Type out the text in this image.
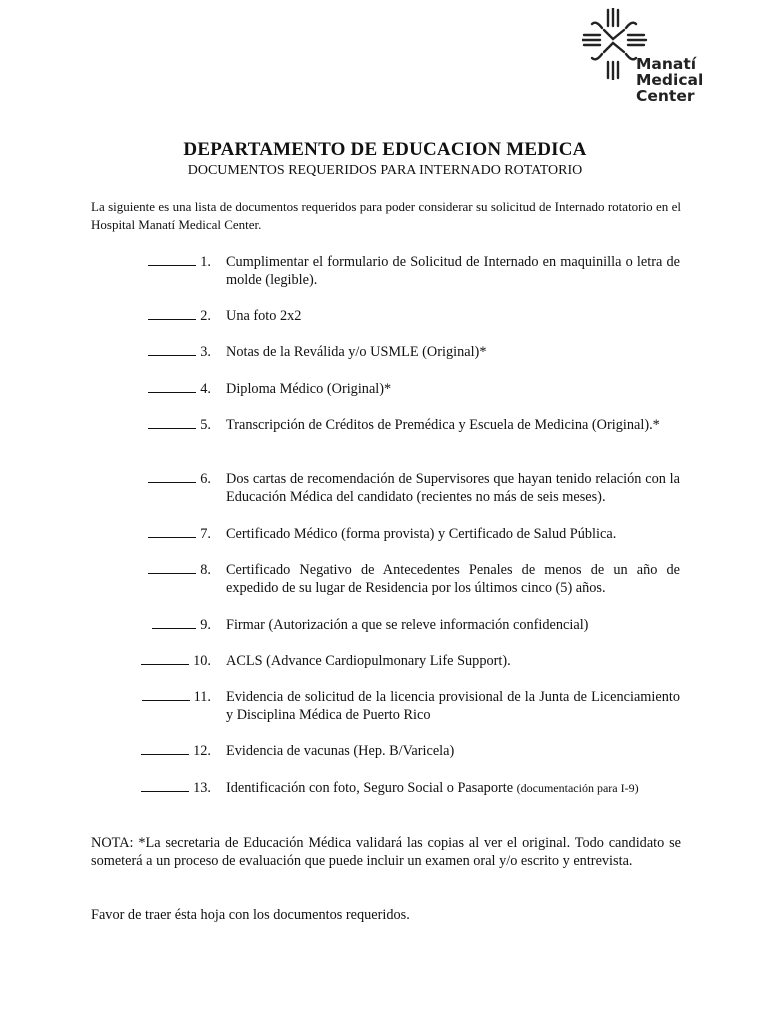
Manatí
Medical
Center
DEPARTAMENTO DE EDUCACION MEDICA
DOCUMENTOS REQUERIDOS PARA INTERNADO ROTATORIO
La siguiente es una lista de documentos requeridos para poder considerar su solicitud de Internado rotatorio en el Hospital Manatí Medical Center.
1. Cumplimentar el formulario de Solicitud de Internado en maquinilla o letra de molde (legible).
2. Una foto 2x2
3. Notas de la Reválida y/o USMLE (Original)*
4. Diploma Médico (Original)*
5. Transcripción de Créditos de Premédica y Escuela de Medicina (Original).*
6. Dos cartas de recomendación de Supervisores que hayan tenido relación con la Educación Médica del candidato (recientes no más de seis meses).
7. Certificado Médico (forma provista) y Certificado de Salud Pública.
8. Certificado Negativo de Antecedentes Penales de menos de un año de expedido de su lugar de Residencia por los últimos cinco (5) años.
9. Firmar (Autorización a que se releve información confidencial)
10. ACLS (Advance Cardiopulmonary Life Support).
11. Evidencia de solicitud de la licencia provisional de la Junta de Licenciamiento y Disciplina Médica de Puerto Rico
12. Evidencia de vacunas (Hep. B/Varicela)
13. Identificación con foto, Seguro Social o Pasaporte (documentación para I-9)
NOTA: *La secretaria de Educación Médica validará las copias al ver el original. Todo candidato se someterá a un proceso de evaluación que puede incluir un examen oral y/o escrito y entrevista.
Favor de traer ésta hoja con los documentos requeridos.
